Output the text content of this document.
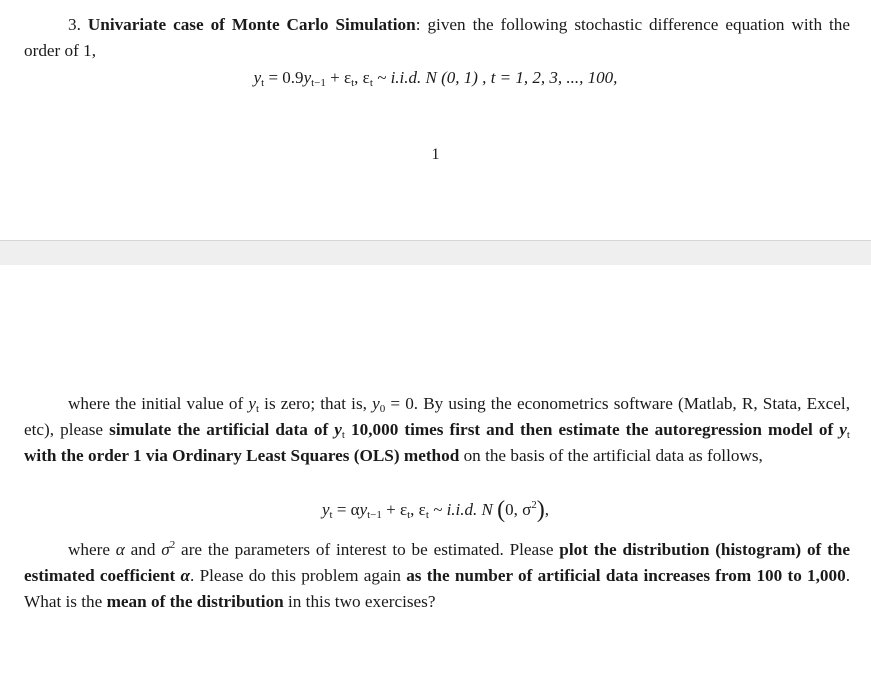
3. Univariate case of Monte Carlo Simulation: given the following stochastic difference equation with the order of 1,

$y_t = 0.9y_{t-1} + \varepsilon_t$, $\varepsilon_t$ ~ i.i.d. N (0, 1) , t = 1, 2, 3, ..., 100,
1

where the initial value of $y_t$ is zero; that is, $y_0 = 0$. By using the econometrics software (Matlab, R, Stata, Excel, etc), please simulate the artificial data of $y_t$ 10,000 times first and then estimate the autoregression model of $y_t$ with the order 1 via Ordinary Least Squares (OLS) method on the basis of the artificial data as follows,

$y_t = \alpha y_{t-1} + \varepsilon_t$, $\varepsilon_t$ ~ i.i.d. N (0, $\sigma^2$),

where α and $\sigma^2$ are the parameters of interest to be estimated. Please plot the distribution (histogram) of the estimated coefficient α. Please do this problem again as the number of artificial data increases from 100 to 1,000. What is the mean of the distribution in this two exercises?
